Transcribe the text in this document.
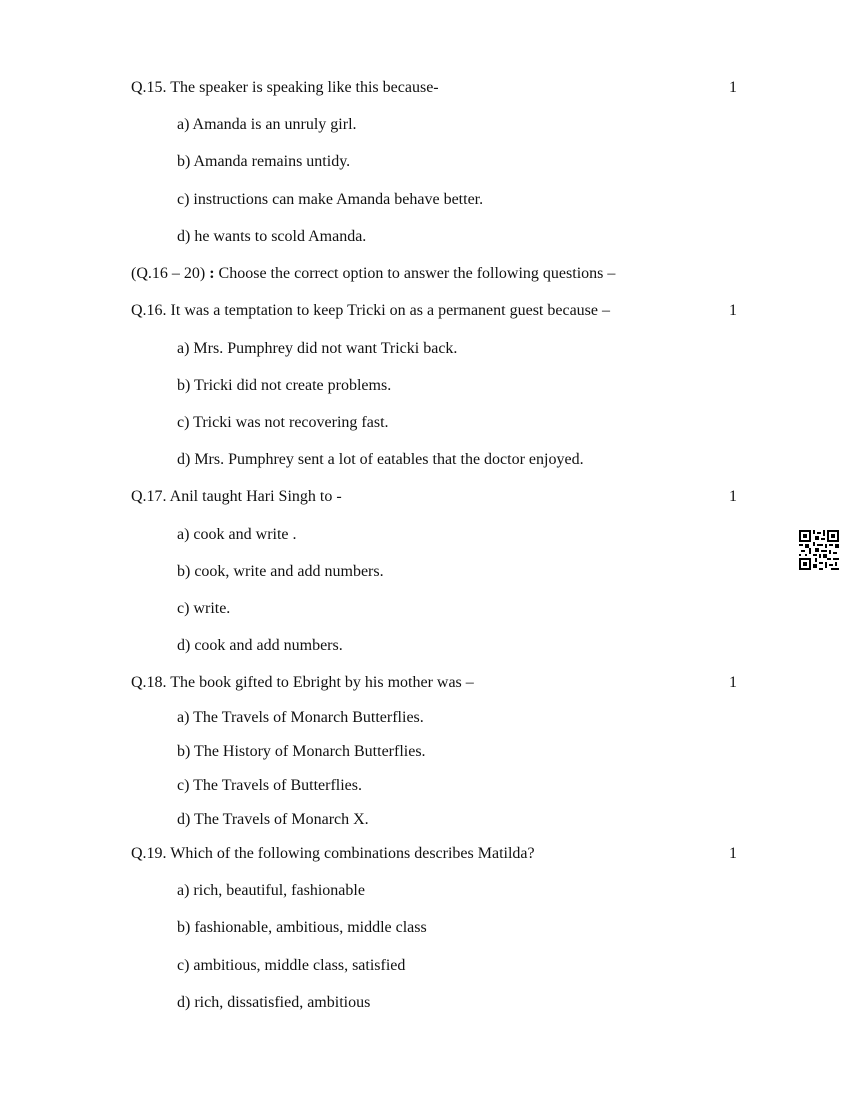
Q.15. The speaker is speaking like this because-	1
a) Amanda is an unruly girl.
b) Amanda remains untidy.
c) instructions can make Amanda behave better.
d) he wants to scold Amanda.
(Q.16 – 20) : Choose the correct option to answer the following questions –
Q.16. It was a temptation to keep Tricki on as a permanent guest because –	1
a) Mrs. Pumphrey did not want Tricki back.
b) Tricki did not create problems.
c) Tricki was not recovering fast.
d) Mrs. Pumphrey sent a lot of eatables that the doctor enjoyed.
Q.17. Anil taught Hari Singh to -	1
a) cook and write .
b) cook, write and add numbers.
c) write.
d) cook and add numbers.
Q.18. The book gifted to Ebright by his mother was –	1
a) The Travels of Monarch Butterflies.
b) The History of Monarch Butterflies.
c) The Travels of Butterflies.
d) The Travels of Monarch X.
Q.19. Which of the following combinations describes Matilda?	1
a) rich, beautiful, fashionable
b) fashionable, ambitious, middle class
c) ambitious, middle class, satisfied
d) rich, dissatisfied, ambitious
